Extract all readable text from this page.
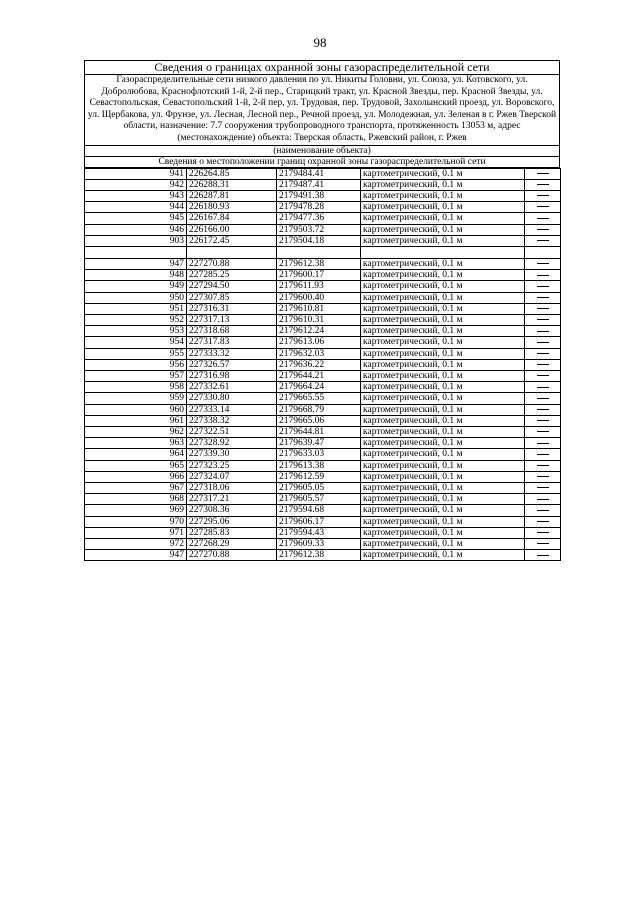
98
Сведения о границах охранной зоны газораспределительной сети
Газораспределительные сети низкого давления по ул. Никиты Головни, ул. Союза, ул. Котовского, ул. Добролюбова, Краснофлотский 1-й, 2-й пер., Старицкий тракт, ул. Красной Звезды, пер. Красной Звезды, ул. Севастопольская, Севастопольский 1-й, 2-й пер, ул. Трудовая, пер. Трудовой, Захолынский проезд, ул. Воровского, ул. Щербакова, ул. Фрунзе, ул. Лесная, Лесной пер., Речной проезд, ул. Молодежная, ул. Зеленая в г. Ржев Тверской области, назначение: 7.7 сооружения трубопроводного транспорта, протяженность 13053 м, адрес (местонахождение) объекта: Тверская область, Ржевский район, г. Ржев
(наименование объекта)
Сведения о местоположении границ охранной зоны газораспределительной сети
941	226264.85	2179484.41	картометрический, 0.1 м	
942	226288.31	2179487.41	картометрический, 0.1 м	
943	226287.81	2179491.38	картометрический, 0.1 м	
944	226180.93	2179478.28	картометрический, 0.1 м	
945	226167.84	2179477.36	картометрический, 0.1 м	
946	226166.00	2179503.72	картометрический, 0.1 м	
903	226172.45	2179504.18	картометрический, 0.1 м	

947	227270.88	2179612.38	картометрический, 0.1 м	
948	227285.25	2179600.17	картометрический, 0.1 м	
949	227294.50	2179611.93	картометрический, 0.1 м	
950	227307.85	2179600.40	картометрический, 0.1 м	
951	227316.31	2179610.81	картометрический, 0.1 м	
952	227317.13	2179610.31	картометрический, 0.1 м	
953	227318.68	2179612.24	картометрический, 0.1 м	
954	227317.83	2179613.06	картометрический, 0.1 м	
955	227333.32	2179632.03	картометрический, 0.1 м	
956	227326.57	2179636.22	картометрический, 0.1 м	
957	227316.98	2179644.21	картометрический, 0.1 м	
958	227332.61	2179664.24	картометрический, 0.1 м	
959	227330.80	2179665.55	картометрический, 0.1 м	
960	227333.14	2179668.79	картометрический, 0.1 м	
961	227338.32	2179665.06	картометрический, 0.1 м	
962	227322.51	2179644.81	картометрический, 0.1 м	
963	227328.92	2179639.47	картометрический, 0.1 м	
964	227339.30	2179633.03	картометрический, 0.1 м	
965	227323.25	2179613.38	картометрический, 0.1 м	
966	227324.07	2179612.59	картометрический, 0.1 м	
967	227318.06	2179605.05	картометрический, 0.1 м	
968	227317.21	2179605.57	картометрический, 0.1 м	
969	227308.36	2179594.68	картометрический, 0.1 м	
970	227295.06	2179606.17	картометрический, 0.1 м	
971	227285.83	2179594.43	картометрический, 0.1 м	
972	227268.29	2179609.33	картометрический, 0.1 м	
947	227270.88	2179612.38	картометрический, 0.1 м	
